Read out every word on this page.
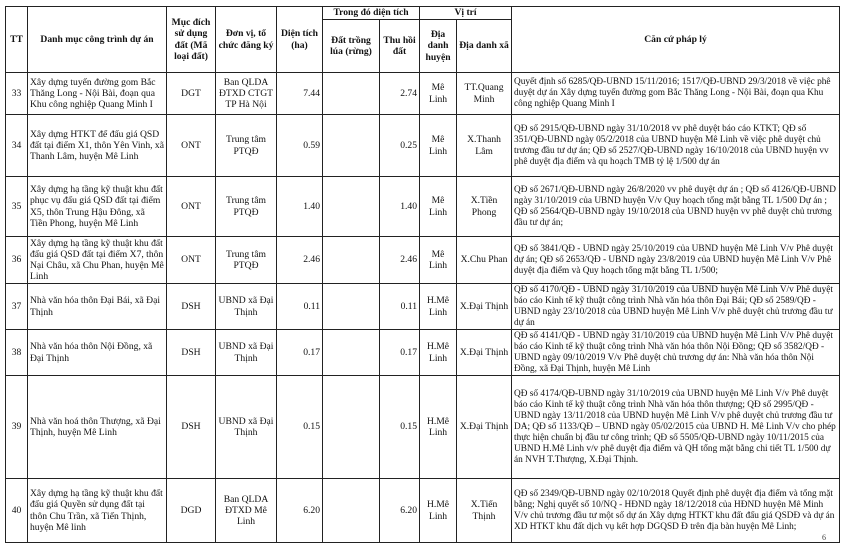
TT	Danh mục công trình dự án	Mục đích sử dụng đất (Mã loại đất)	Đơn vị, tổ chức đăng ký	Diện tích (ha)	Trong đó diện tích		Vị trí		Căn cứ pháp lý
					Đất trồng lúa (rừng)	Thu hồi đất	Địa danh huyện	Địa danh xã	
33	Xây dựng tuyến đường gom Bắc Thăng Long - Nội Bài, đoạn qua Khu công nghiệp Quang Minh I	DGT	Ban QLDA ĐTXD CTGT TP Hà Nội	7.44		2.74	Mê Linh	TT.Quang Minh	Quyết định số 6285/QĐ-UBND 15/11/2016; 1517/QĐ-UBND 29/3/2018 về việc phê duyệt dự án Xây dựng tuyến đường gom Bắc Thăng Long - Nội Bài, đoạn qua Khu công nghiệp Quang Minh I
34	Xây dựng HTKT để đấu giá QSD đất tại điểm X1, thôn Yên Vinh, xã Thanh Lâm, huyện Mê Linh	ONT	Trung tâm PTQĐ	0.59		0.25	Mê Linh	X.Thanh Lâm	QĐ số 2915/QĐ-UBND ngày 31/10/2018 vv phê duyệt báo cáo KTKT; QĐ số 351/QĐ-UBND ngày 05/2/2018 của UBND huyện Mê Linh về việc phê duyệt chủ trương đầu tư dự án; QĐ số 2527/QĐ-UBND ngày 16/10/2018 của UBND huyện vv phê duyệt địa điểm và qu hoạch TMB tỷ lệ 1/500 dự án
35	Xây dựng hạ tầng kỹ thuật khu đất phục vụ đấu giá QSD đất tại điểm X5, thôn Trung Hậu Đông, xã Tiền Phong, huyện Mê Linh	ONT	Trung tâm PTQĐ	1.40		1.40	Mê Linh	X.Tiền Phong	QĐ số 2671/QĐ-UBND ngày 26/8/2020 vv phê duyệt dự án ; QĐ số 4126/QĐ-UBND ngày 31/10/2019 của UBND huyện V/v Quy hoạch tổng mặt bằng TL 1/500 Dự án ; QĐ số 2564/QĐ-UBND ngày 19/10/2018 của UBND huyện vv phê duyệt chủ trương đầu tư dự án;
36	Xây dựng hạ tầng kỹ thuật khu đất đấu giá QSD đất tại điểm X7, thôn Nại Châu, xã Chu Phan, huyện Mê Linh	ONT	Trung tâm PTQĐ	2.46		2.46	Mê Linh	X.Chu Phan	QĐ số 3841/QĐ - UBND ngày 25/10/2019 của UBND huyện Mê Linh V/v Phê duyệt dự án; QĐ số 2653/QĐ - UBND ngày 23/8/2019 của UBND huyện Mê Linh V/v Phê duyệt địa điểm và Quy hoạch tổng mặt bằng TL 1/500;
37	Nhà văn hóa thôn Đại Bái, xã Đại Thịnh	DSH	UBND xã Đại Thịnh	0.11		0.11	H.Mê Linh	X.Đại Thịnh	QĐ số 4170/QĐ - UBND ngày 31/10/2019 của UBND huyện Mê Linh V/v Phê duyệt báo cáo Kinh tế kỹ thuật công trình Nhà văn hóa thôn Đại Bái; QĐ số 2589/QĐ - UBND ngày 23/10/2018 của UBND huyện Mê Linh V/v phê duyệt chủ trương đầu tư dự án
38	Nhà văn hóa thôn Nội Đồng, xã Đại Thịnh	DSH	UBND xã Đại Thịnh	0.17		0.17	H.Mê Linh	X.Đại Thịnh	QĐ số 4141/QĐ - UBND ngày 31/10/2019 của UBND huyện Mê Linh V/v Phê duyệt báo cáo Kinh tế kỹ thuật công trình Nhà văn hóa thôn Nội Đồng; QĐ số 3582/QĐ - UBND ngày 09/10/2019 V/v Phê duyệt chủ trương dự án: Nhà văn hóa thôn Nội Đồng, xã Đại Thịnh, huyện Mê Linh
39	Nhà văn hoá thôn Thượng, xã Đại Thịnh, huyện Mê Linh	DSH	UBND xã Đại Thịnh	0.15		0.15	H.Mê Linh	X.Đại Thịnh	QĐ số 4174/QĐ-UBND ngày 31/10/2019 của UBND huyện Mê Linh V/v Phê duyệt báo cáo Kinh tế kỹ thuật công trình Nhà văn hóa thôn thượng; QĐ số 2995/QĐ - UBND ngày 13/11/2018 của UBND huyện Mê Linh V/v phê duyệt chủ trương đầu tư DA; QĐ số 1133/QĐ – UBND ngày 05/02/2015 của UBND H. Mê Linh V/v cho phép thực hiện chuẩn bị đầu tư công trình; QĐ số 5505/QĐ-UBND ngày 10/11/2015 của UBND H.Mê Linh v/v phê duyệt địa điểm và QH tổng mặt bằng chi tiết TL 1/500 dự án NVH T.Thượng, X.Đại Thịnh.
40	Xây dựng hạ tầng kỹ thuật khu đất đấu giá Quyền sử dụng đất tại thôn Chu Trần, xã Tiến Thịnh, huyện Mê linh	DGD	Ban QLDA ĐTXD Mê Linh	6.20		6.20	H.Mê Linh	X.Tiến Thịnh	QĐ số 2349/QĐ-UBND ngày 02/10/2018 Quyết định phê duyệt địa điểm và tổng mặt bằng; Nghị quyết số 10/NQ - HĐND ngày 18/12/2018 của HĐND huyện Mê Minh V/v chủ trương đầu tư một số dự án Xây dựng HTKT khu đất đấu giá QSDĐ và dự án XD HTKT khu đất dịch vụ kết hợp DGQSD Đ trên địa bàn huyện Mê Linh;
6
